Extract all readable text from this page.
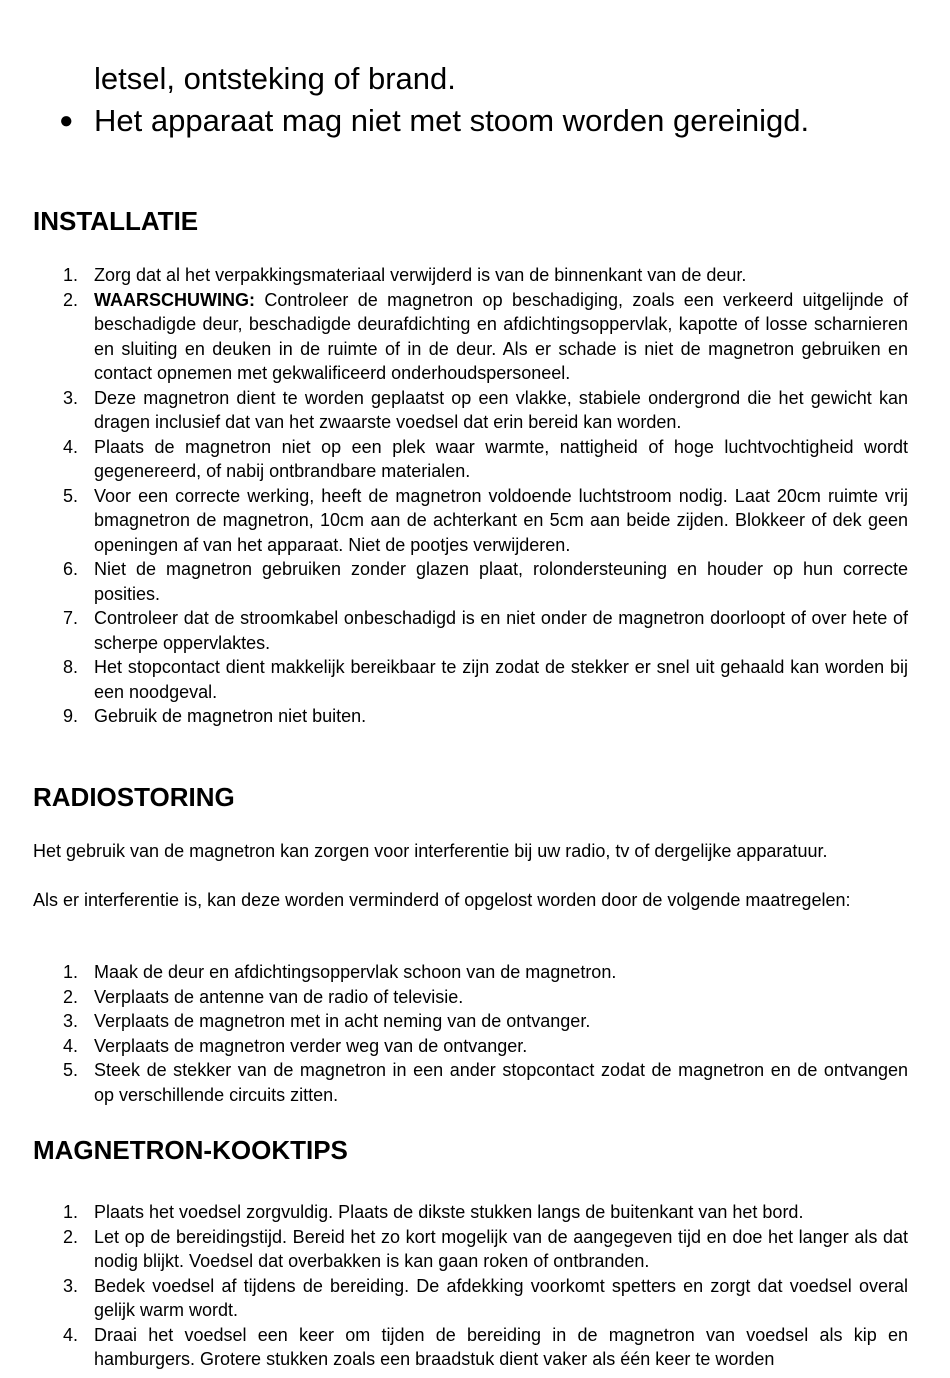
letsel, ontsteking of brand.
● Het apparaat mag niet met stoom worden gereinigd.
INSTALLATIE
1. Zorg dat al het verpakkingsmateriaal verwijderd is van de binnenkant van de deur.
2. WAARSCHUWING: Controleer de magnetron op beschadiging, zoals een verkeerd uitgelijnde of beschadigde deur, beschadigde deurafdichting en afdichtingsoppervlak, kapotte of losse scharnieren en sluiting en deuken in de ruimte of in de deur. Als er schade is niet de magnetron gebruiken en contact opnemen met gekwalificeerd onderhoudspersoneel.
3. Deze magnetron dient te worden geplaatst op een vlakke, stabiele ondergrond die het gewicht kan dragen inclusief dat van het zwaarste voedsel dat erin bereid kan worden.
4. Plaats de magnetron niet op een plek waar warmte, nattigheid of hoge luchtvochtigheid wordt gegenereerd, of nabij ontbrandbare materialen.
5. Voor een correcte werking, heeft de magnetron voldoende luchtstroom nodig. Laat 20cm ruimte vrij bmagnetron de magnetron, 10cm aan de achterkant en 5cm aan beide zijden. Blokkeer of dek geen openingen af van het apparaat. Niet de pootjes verwijderen.
6. Niet de magnetron gebruiken zonder glazen plaat, rolondersteuning en houder op hun correcte posities.
7. Controleer dat de stroomkabel onbeschadigd is en niet onder de magnetron doorloopt of over hete of scherpe oppervlaktes.
8. Het stopcontact dient makkelijk bereikbaar te zijn zodat de stekker er snel uit gehaald kan worden bij een noodgeval.
9. Gebruik de magnetron niet buiten.
RADIOSTORING

Het gebruik van de magnetron kan zorgen voor interferentie bij uw radio, tv of dergelijke apparatuur.

Als er interferentie is, kan deze worden verminderd of opgelost worden door de volgende maatregelen:

1. Maak de deur en afdichtingsoppervlak schoon van de magnetron.
2. Verplaats de antenne van de radio of televisie.
3. Verplaats de magnetron met in acht neming van de ontvanger.
4. Verplaats de magnetron verder weg van de ontvanger.
5. Steek de stekker van de magnetron in een ander stopcontact zodat de magnetron en de ontvangen op verschillende circuits zitten.
MAGNETRON-KOOKTIPS
1. Plaats het voedsel zorgvuldig. Plaats de dikste stukken langs de buitenkant van het bord.
2. Let op de bereidingstijd. Bereid het zo kort mogelijk van de aangegeven tijd en doe het langer als dat nodig blijkt. Voedsel dat overbakken is kan gaan roken of ontbranden.
3. Bedek voedsel af tijdens de bereiding. De afdekking voorkomt spetters en zorgt dat voedsel overal gelijk warm wordt.
4. Draai het voedsel een keer om tijden de bereiding in de magnetron van voedsel als kip en hamburgers. Grotere stukken zoals een braadstuk dient vaker als één keer te worden
